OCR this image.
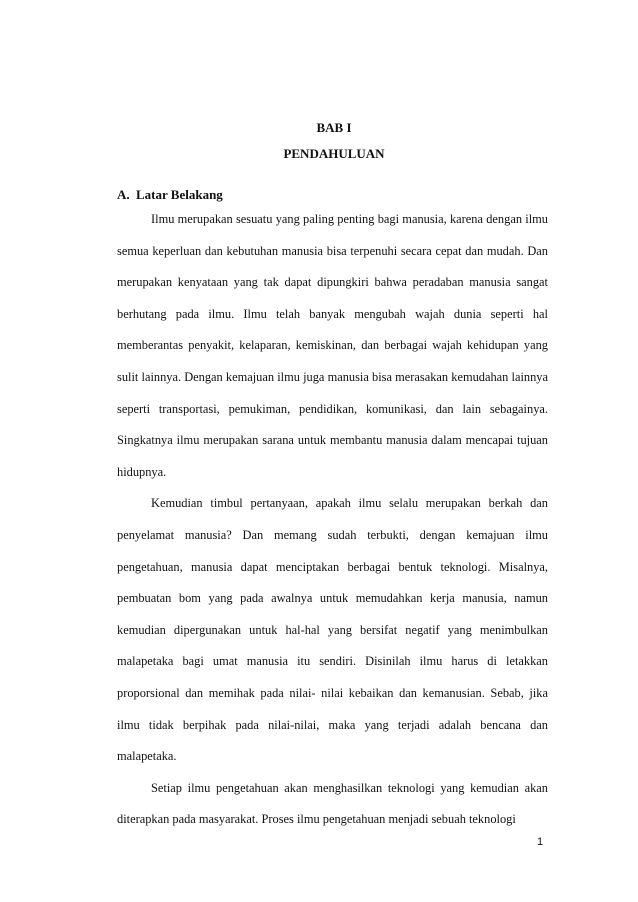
BAB I
PENDAHULUAN
A. Latar Belakang

Ilmu merupakan sesuatu yang paling penting bagi manusia, karena dengan ilmu semua keperluan dan kebutuhan manusia bisa terpenuhi secara cepat dan mudah. Dan merupakan kenyataan yang tak dapat dipungkiri bahwa peradaban manusia sangat berhutang pada ilmu. Ilmu telah banyak mengubah wajah dunia seperti hal memberantas penyakit, kelaparan, kemiskinan, dan berbagai wajah kehidupan yang sulit lainnya. Dengan kemajuan ilmu juga manusia bisa merasakan kemudahan lainnya seperti transportasi, pemukiman, pendidikan, komunikasi, dan lain sebagainya. Singkatnya ilmu merupakan sarana untuk membantu manusia dalam mencapai tujuan hidupnya.

Kemudian timbul pertanyaan, apakah ilmu selalu merupakan berkah dan penyelamat manusia? Dan memang sudah terbukti, dengan kemajuan ilmu pengetahuan, manusia dapat menciptakan berbagai bentuk teknologi. Misalnya, pembuatan bom yang pada awalnya untuk memudahkan kerja manusia, namun kemudian dipergunakan untuk hal-hal yang bersifat negatif yang menimbulkan malapetaka bagi umat manusia itu sendiri. Disinilah ilmu harus di letakkan proporsional dan memihak pada nilai- nilai kebaikan dan kemanusian. Sebab, jika ilmu tidak berpihak pada nilai-nilai, maka yang terjadi adalah bencana dan malapetaka.

Setiap ilmu pengetahuan akan menghasilkan teknologi yang kemudian akan diterapkan pada masyarakat. Proses ilmu pengetahuan menjadi sebuah teknologi

1
